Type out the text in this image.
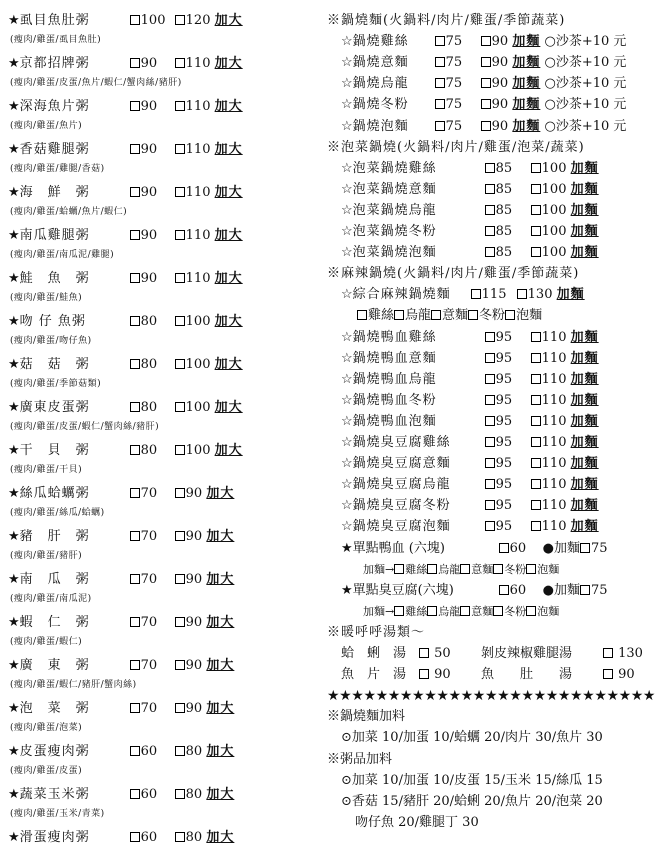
★虱目魚肚粥	100 120 加大
(瘦肉/雞蛋/虱目魚肚)
★京都招牌粥	90 110 加大
(瘦肉/雞蛋/皮蛋/魚片/蝦仁/蟹肉絲/豬肝)
★深海魚片粥	90 110 加大
(瘦肉/雞蛋/魚片)
★香菇雞腿粥	90 110 加大
(瘦肉/雞蛋/雞腿/香菇)
★海　鮮　粥	90 110 加大
(瘦肉/雞蛋/蛤蠣/魚片/蝦仁)
★南瓜雞腿粥	90 110 加大
(瘦肉/雞蛋/南瓜泥/雞腿)
★鮭　魚　粥	90 110 加大
(瘦肉/雞蛋/鮭魚)
★吻 仔 魚粥	80 100 加大
(瘦肉/雞蛋/吻仔魚)
★菇　菇　粥	80 100 加大
(瘦肉/雞蛋/季節菇類)
★廣東皮蛋粥	80 100 加大
(瘦肉/雞蛋/皮蛋/蝦仁/蟹肉絲/豬肝)
★干　貝　粥	80 100 加大
(瘦肉/雞蛋/干貝)
★絲瓜蛤蠣粥	70 90 加大
(瘦肉/雞蛋/絲瓜/蛤蠣)
★豬　肝　粥	70 90 加大
(瘦肉/雞蛋/豬肝)
★南　瓜　粥	70 90 加大
(瘦肉/雞蛋/南瓜泥)
★蝦　仁　粥	70 90 加大
(瘦肉/雞蛋/蝦仁)
★廣　東　粥	70 90 加大
(瘦肉/雞蛋/蝦仁/豬肝/蟹肉絲)
★泡　菜　粥	70 90 加大
(瘦肉/雞蛋/泡菜)
★皮蛋瘦肉粥	60 80 加大
(瘦肉/雞蛋/皮蛋)
★蔬菜玉米粥	60 80 加大
(瘦肉/雞蛋/玉米/青菜)
★滑蛋瘦肉粥	60 80 加大
※鍋燒麵(火鍋料/肉片/雞蛋/季節蔬菜)
☆鍋燒雞絲	75 90 加麵 ○沙茶+10 元
☆鍋燒意麵	75 90 加麵 ○沙茶+10 元
☆鍋燒烏龍	75 90 加麵 ○沙茶+10 元
☆鍋燒冬粉	75 90 加麵 ○沙茶+10 元
☆鍋燒泡麵	75 90 加麵 ○沙茶+10 元
※泡菜鍋燒(火鍋料/肉片/雞蛋/泡菜/蔬菜)
☆泡菜鍋燒雞絲	85 100 加麵
☆泡菜鍋燒意麵	85 100 加麵
☆泡菜鍋燒烏龍	85 100 加麵
☆泡菜鍋燒冬粉	85 100 加麵
☆泡菜鍋燒泡麵	85 100 加麵
※麻辣鍋燒(火鍋料/肉片/雞蛋/季節蔬菜)
☆綜合麻辣鍋燒麵 115 130 加麵
雞絲 烏龍 意麵 冬粉 泡麵
☆鍋燒鴨血雞絲	95 110 加麵
☆鍋燒鴨血意麵	95 110 加麵
☆鍋燒鴨血烏龍	95 110 加麵
☆鍋燒鴨血冬粉	95 110 加麵
☆鍋燒鴨血泡麵	95 110 加麵
☆鍋燒臭豆腐雞絲	95 110 加麵
☆鍋燒臭豆腐意麵	95 110 加麵
☆鍋燒臭豆腐烏龍	95 110 加麵
☆鍋燒臭豆腐冬粉	95 110 加麵
☆鍋燒臭豆腐泡麵	95 110 加麵
★單點鴨血 (六塊)	60 ●加麵 75
加麵→ 雞絲 烏龍 意麵 冬粉 泡麵
★單點臭豆腐(六塊)	60 ●加麵 75
加麵→ 雞絲 烏龍 意麵 冬粉 泡麵
※暖呼呼湯類～
蛤　蜊　湯 50 剝皮辣椒雞腿湯	130
魚　片　湯 90 魚　　肚　　湯	90
★★★★★★★★★★★★★★★★★★★★★★★★★★★
※鍋燒麵加料
⊙加菜 10/加蛋 10/蛤蠣 20/肉片 30/魚片 30
※粥品加料
⊙加菜 10/加蛋 10/皮蛋 15/玉米 15/絲瓜 15
⊙香菇 15/豬肝 20/蛤蜊 20/魚片 20/泡菜 20
吻仔魚 20/雞腿丁 30
